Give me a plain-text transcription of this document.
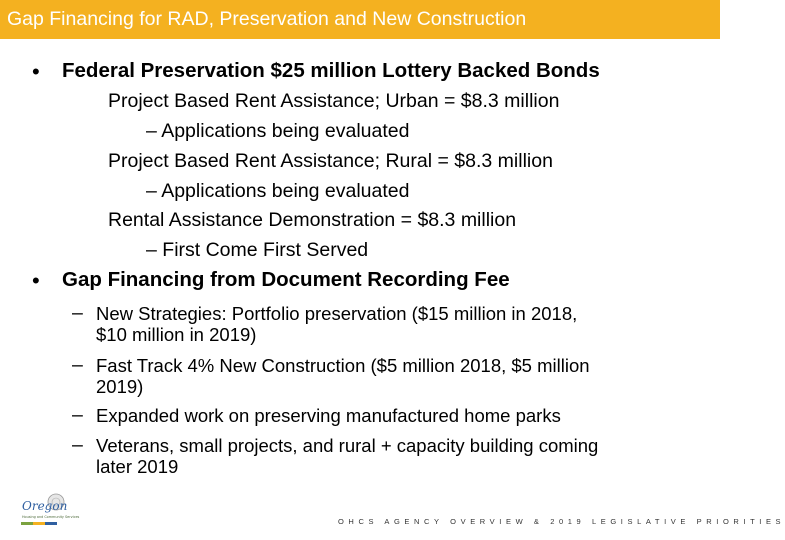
Gap Financing for RAD, Preservation and New Construction
• Federal Preservation $25 million Lottery Backed Bonds
Project Based Rent Assistance; Urban = $8.3 million
– Applications being evaluated
Project Based Rent Assistance; Rural = $8.3 million
– Applications being evaluated
Rental Assistance Demonstration = $8.3 million
– First Come First Served
• Gap Financing from Document Recording Fee
– New Strategies: Portfolio preservation ($15 million in 2018,
$10 million in 2019)
– Fast Track 4% New Construction ($5 million 2018, $5 million
2019)
– Expanded work on preserving manufactured home parks
– Veterans, small projects, and rural + capacity building coming
later 2019
Oregon
Housing and Community Services	OHCS AGENCY OVERVIEW & 2019 LEGISLATIVE PRIORITIES
